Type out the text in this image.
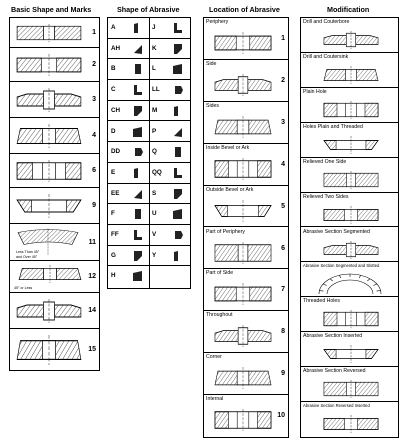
Basic Shape and Marks	Shape of Abrasive	Location of Abrasive	Modification
1
2
3
4
6
9
Less Than 45°
and Over 45°
11
45° or Less
12
14
15
A	J
AH	K
B	L
C	LL
CH	M
D	P
DD	Q
E	QQ
EE	S
F	U
FF	V
G	Y
H
Periphery
1
Side
2
Sides
3
Inside Bevel or Ark
4
Outside Bevel or Ark
5
Part of Periphery
6
Part of Side
7
Throughout
8
Corner
9
Internal
10
Drill and Couterbore
Drill and Coutersink
Plain Hole
Holes Plain and Threaded
Relieved One Side
Relieved Two Sides
Abrasive Section Segmented
Abrasive Section Segmented and Slotted
Threaded Holes
Abrasive Section Inserted
Abrasive Section Reversed
Abrasive Section Reversed Inserted
